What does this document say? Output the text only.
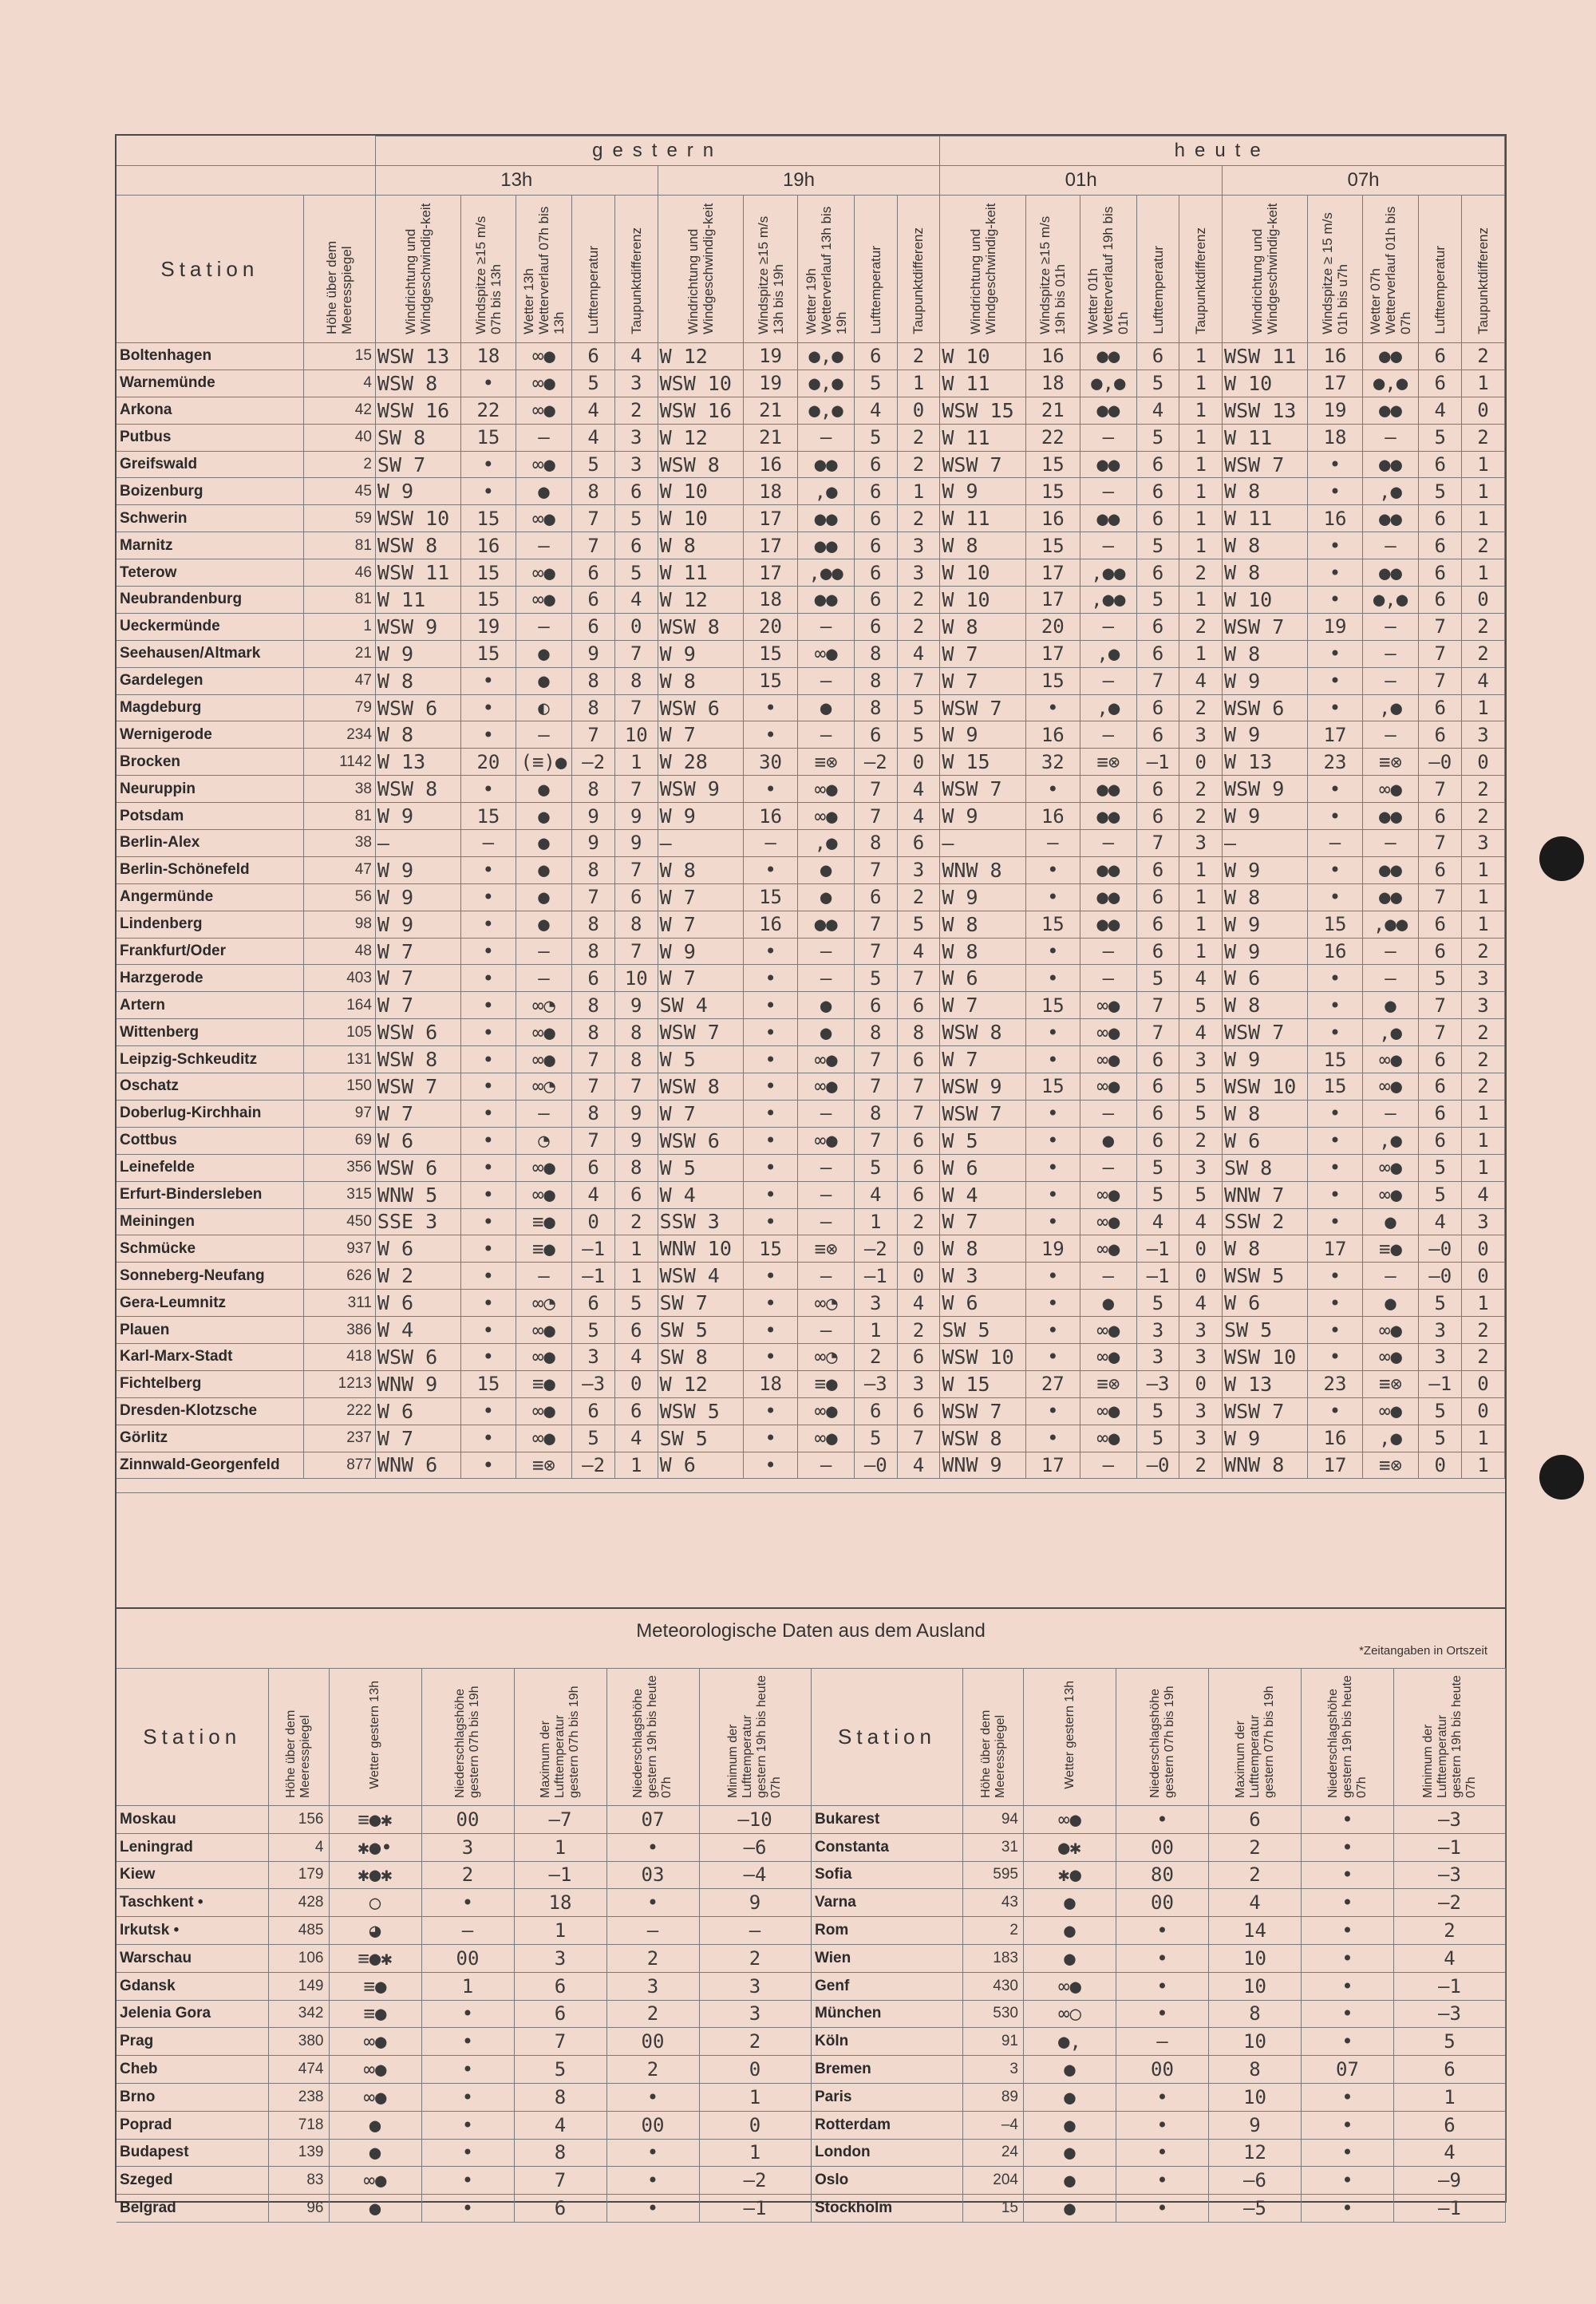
		gestern										heute									
		13h					19h					01h					07h				
Station	Höhe über dem Meeresspiegel	Windrichtung und Windgeschwindig-keit	Windspitze ≥15 m/s 07h bis 13h	Wetter 13h Wetterverlauf 07h bis 13h	Lufttemperatur	Taupunktdifferenz	Windrichtung und Windgeschwindig-keit	Windspitze ≥15 m/s 13h bis 19h	Wetter 19h Wetterverlauf 13h bis 19h	Lufttemperatur	Taupunktdifferenz	Windrichtung und Windgeschwindig-keit	Windspitze ≥15 m/s 19h bis 01h	Wetter 01h Wetterverlauf 19h bis 01h	Lufttemperatur	Taupunktdifferenz	Windrichtung und Windgeschwindig-keit	Windspitze ≥ 15 m/s 01h bis u7h	Wetter 07h Wetterverlauf 01h bis 07h	Lufttemperatur	Taupunktdifferenz
Boltenhagen	15	WSW 13	18	∞●	6	4	W 12	19	●,●	6	2	W 10	16	●●	6	1	WSW 11	16	●●	6	2
Warnemünde	4	WSW 8	•	∞●	5	3	WSW 10	19	●,●	5	1	W 11	18	●,●	5	1	W 10	17	●,●	6	1
Arkona	42	WSW 16	22	∞●	4	2	WSW 16	21	●,●	4	0	WSW 15	21	●●	4	1	WSW 13	19	●●	4	0
Putbus	40	SW 8	15	–	4	3	W 12	21	–	5	2	W 11	22	–	5	1	W 11	18	–	5	2
Greifswald	2	SW 7	•	∞●	5	3	WSW 8	16	●●	6	2	WSW 7	15	●●	6	1	WSW 7	•	●●	6	1
Boizenburg	45	W 9	•	●	8	6	W 10	18	,●	6	1	W 9	15	–	6	1	W 8	•	,●	5	1
Schwerin	59	WSW 10	15	∞●	7	5	W 10	17	●●	6	2	W 11	16	●●	6	1	W 11	16	●●	6	1
Marnitz	81	WSW 8	16	–	7	6	W 8	17	●●	6	3	W 8	15	–	5	1	W 8	•	–	6	2
Teterow	46	WSW 11	15	∞●	6	5	W 11	17	,●●	6	3	W 10	17	,●●	6	2	W 8	•	●●	6	1
Neubrandenburg	81	W 11	15	∞●	6	4	W 12	18	●●	6	2	W 10	17	,●●	5	1	W 10	•	●,●	6	0
Ueckermünde	1	WSW 9	19	–	6	0	WSW 8	20	–	6	2	W 8	20	–	6	2	WSW 7	19	–	7	2
Seehausen/Altmark	21	W 9	15	●	9	7	W 9	15	∞●	8	4	W 7	17	,●	6	1	W 8	•	–	7	2
Gardelegen	47	W 8	•	●	8	8	W 8	15	–	8	7	W 7	15	–	7	4	W 9	•	–	7	4
Magdeburg	79	WSW 6	•	◐	8	7	WSW 6	•	●	8	5	WSW 7	•	,●	6	2	WSW 6	•	,●	6	1
Wernigerode	234	W 8	•	–	7	10	W 7	•	–	6	5	W 9	16	–	6	3	W 9	17	–	6	3
Brocken	1142	W 13	20	(≡)●	–2	1	W 28	30	≡⊗	–2	0	W 15	32	≡⊗	–1	0	W 13	23	≡⊗	–0	0
Neuruppin	38	WSW 8	•	●	8	7	WSW 9	•	∞●	7	4	WSW 7	•	●●	6	2	WSW 9	•	∞●	7	2
Potsdam	81	W 9	15	●	9	9	W 9	16	∞●	7	4	W 9	16	●●	6	2	W 9	•	●●	6	2
Berlin-Alex	38	–	–	●	9	9	–	–	,●	8	6	–	–	–	7	3	–	–	–	7	3
Berlin-Schönefeld	47	W 9	•	●	8	7	W 8	•	●	7	3	WNW 8	•	●●	6	1	W 9	•	●●	6	1
Angermünde	56	W 9	•	●	7	6	W 7	15	●	6	2	W 9	•	●●	6	1	W 8	•	●●	7	1
Lindenberg	98	W 9	•	●	8	8	W 7	16	●●	7	5	W 8	15	●●	6	1	W 9	15	,●●	6	1
Frankfurt/Oder	48	W 7	•	–	8	7	W 9	•	–	7	4	W 8	•	–	6	1	W 9	16	–	6	2
Harzgerode	403	W 7	•	–	6	10	W 7	•	–	5	7	W 6	•	–	5	4	W 6	•	–	5	3
Artern	164	W 7	•	∞◔	8	9	SW 4	•	●	6	6	W 7	15	∞●	7	5	W 8	•	●	7	3
Wittenberg	105	WSW 6	•	∞●	8	8	WSW 7	•	●	8	8	WSW 8	•	∞●	7	4	WSW 7	•	,●	7	2
Leipzig-Schkeuditz	131	WSW 8	•	∞●	7	8	W 5	•	∞●	7	6	W 7	•	∞●	6	3	W 9	15	∞●	6	2
Oschatz	150	WSW 7	•	∞◔	7	7	WSW 8	•	∞●	7	7	WSW 9	15	∞●	6	5	WSW 10	15	∞●	6	2
Doberlug-Kirchhain	97	W 7	•	–	8	9	W 7	•	–	8	7	WSW 7	•	–	6	5	W 8	•	–	6	1
Cottbus	69	W 6	•	◔	7	9	WSW 6	•	∞●	7	6	W 5	•	●	6	2	W 6	•	,●	6	1
Leinefelde	356	WSW 6	•	∞●	6	8	W 5	•	–	5	6	W 6	•	–	5	3	SW 8	•	∞●	5	1
Erfurt-Bindersleben	315	WNW 5	•	∞●	4	6	W 4	•	–	4	6	W 4	•	∞●	5	5	WNW 7	•	∞●	5	4
Meiningen	450	SSE 3	•	≡●	0	2	SSW 3	•	–	1	2	W 7	•	∞●	4	4	SSW 2	•	●	4	3
Schmücke	937	W 6	•	≡●	–1	1	WNW 10	15	≡⊗	–2	0	W 8	19	∞●	–1	0	W 8	17	≡●	–0	0
Sonneberg-Neufang	626	W 2	•	–	–1	1	WSW 4	•	–	–1	0	W 3	•	–	–1	0	WSW 5	•	–	–0	0
Gera-Leumnitz	311	W 6	•	∞◔	6	5	SW 7	•	∞◔	3	4	W 6	•	●	5	4	W 6	•	●	5	1
Plauen	386	W 4	•	∞●	5	6	SW 5	•	–	1	2	SW 5	•	∞●	3	3	SW 5	•	∞●	3	2
Karl-Marx-Stadt	418	WSW 6	•	∞●	3	4	SW 8	•	∞◔	2	6	WSW 10	•	∞●	3	3	WSW 10	•	∞●	3	2
Fichtelberg	1213	WNW 9	15	≡●	–3	0	W 12	18	≡●	–3	3	W 15	27	≡⊗	–3	0	W 13	23	≡⊗	–1	0
Dresden-Klotzsche	222	W 6	•	∞●	6	6	WSW 5	•	∞●	6	6	WSW 7	•	∞●	5	3	WSW 7	•	∞●	5	0
Görlitz	237	W 7	•	∞●	5	4	SW 5	•	∞●	5	7	WSW 8	•	∞●	5	3	W 9	16	,●	5	1
Zinnwald-Georgenfeld	877	WNW 6	•	≡⊗	–2	1	W 6	•	–	–0	4	WNW 9	17	–	–0	2	WNW 8	17	≡⊗	0	1
Meteorologische Daten aus dem Ausland
*Zeitangaben in Ortszeit
Station	Höhe über dem Meeresspiegel	Wetter gestern 13h	Niederschlagshöhe gestern 07h bis 19h	Maximum der Lufttemperatur gestern 07h bis 19h	Niederschlagshöhe gestern 19h bis heute 07h	Minimum der Lufttemperatur gestern 19h bis heute 07h
Moskau	156	≡●✱	00	–7	07	–10
Leningrad	4	✱●•	3	1	•	–6
Kiew	179	✱●✱	2	–1	03	–4
Taschkent •	428	○	•	18	•	9
Irkutsk •	485	◕	–	1	–	–
Warschau	106	≡●✱	00	3	2	2
Gdansk	149	≡●	1	6	3	3
Jelenia Gora	342	≡●	•	6	2	3
Prag	380	∞●	•	7	00	2
Cheb	474	∞●	•	5	2	0
Brno	238	∞●	•	8	•	1
Poprad	718	●	•	4	00	0
Budapest	139	●	•	8	•	1
Szeged	83	∞●	•	7	•	–2
Belgrad	96	●	•	6	•	–1
Station	Höhe über dem Meeresspiegel	Wetter gestern 13h	Niederschlagshöhe gestern 07h bis 19h	Maximum der Lufttemperatur gestern 07h bis 19h	Niederschlagshöhe gestern 19h bis heute 07h	Minimum der Lufttemperatur gestern 19h bis heute 07h
Bukarest	94	∞●	•	6	•	–3
Constanta	31	●✱	00	2	•	–1
Sofia	595	✱●	80	2	•	–3
Varna	43	●	00	4	•	–2
Rom	2	●	•	14	•	2
Wien	183	●	•	10	•	4
Genf	430	∞●	•	10	•	–1
München	530	∞○	•	8	•	–3
Köln	91	●,	–	10	•	5
Bremen	3	●	00	8	07	6
Paris	89	●	•	10	•	1
Rotterdam	–4	●	•	9	•	6
London	24	●	•	12	•	4
Oslo	204	●	•	–6	•	–9
Stockholm	15	●	•	–5	•	–1
